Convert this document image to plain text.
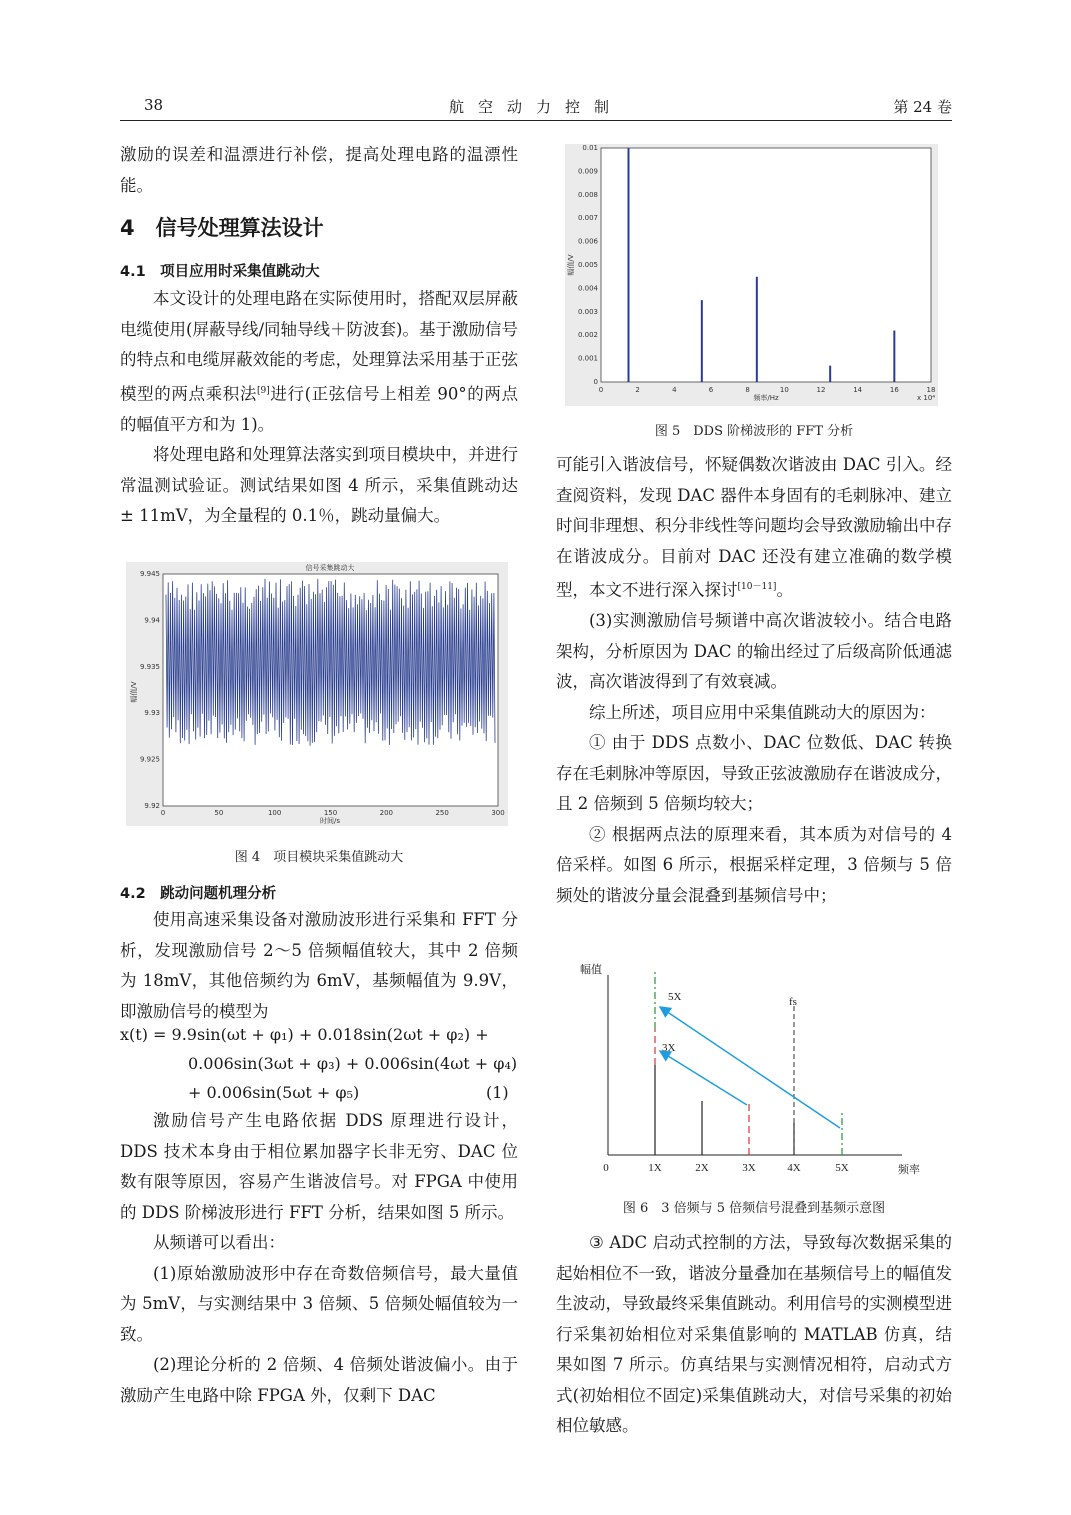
38	航空动力控制	第 24 卷

激励的误差和温漂进行补偿，提高处理电路的温漂性能。

4　信号处理算法设计
4.1　项目应用时采集值跳动大

本文设计的处理电路在实际使用时，搭配双层屏蔽电缆使用(屏蔽导线/同轴导线＋防波套)。基于激励信号的特点和电缆屏蔽效能的考虑，处理算法采用基于正弦模型的两点乘积法[9]进行(正弦信号上相差 90°的两点的幅值平方和为 1)。

将处理电路和处理算法落实到项目模块中，并进行常温测试验证。测试结果如图 4 所示，采集值跳动达 ± 11mV，为全量程的 0.1％，跳动量偏大。

信号采集跳动大
幅值/V
时间/s
9.945
9.94
9.935
9.93
9.925
9.92
0	50	100	150	200	250	300
图 4　项目模块采集值跳动大
4.2　跳动问题机理分析

使用高速采集设备对激励波形进行采集和 FFT 分析，发现激励信号 2～5 倍频幅值较大，其中 2 倍频为 18mV，其他倍频约为 6mV，基频幅值为 9.9V，即激励信号的模型为

x(t) = 9.9sin(ωt + φ₁) + 0.018sin(2ωt + φ₂) +
0.006sin(3ωt + φ₃) + 0.006sin(4ωt + φ₄)
+ 0.006sin(5ωt + φ₅)	(1)

激励信号产生电路依据 DDS 原理进行设计，DDS 技术本身由于相位累加器字长非无穷、DAC 位数有限等原因，容易产生谐波信号。对 FPGA 中使用的 DDS 阶梯波形进行 FFT 分析，结果如图 5 所示。

从频谱可以看出：

(1)原始激励波形中存在奇数倍频信号，最大量值为 5mV，与实测结果中 3 倍频、5 倍频处幅值较为一致。

(2)理论分析的 2 倍频、4 倍频处谐波偏小。由于激励产生电路中除 FPGA 外，仅剩下 DAC

幅值/V
频率/Hz	x 10⁴
0
0.001
0.002
0.003
0.004
0.005
0.006
0.007
0.008
0.009
0.01
0	2	4	6	8	10	12	14	16	18
图 5　DDS 阶梯波形的 FFT 分析

可能引入谐波信号，怀疑偶数次谐波由 DAC 引入。经查阅资料，发现 DAC 器件本身固有的毛刺脉冲、建立时间非理想、积分非线性等问题均会导致激励输出中存在谐波成分。目前对 DAC 还没有建立准确的数学模型，本文不进行深入探讨[10－11]。

(3)实测激励信号频谱中高次谐波较小。结合电路架构，分析原因为 DAC 的输出经过了后级高阶低通滤波，高次谐波得到了有效衰减。

综上所述，项目应用中采集值跳动大的原因为：

① 由于 DDS 点数小、DAC 位数低、DAC 转换存在毛刺脉冲等原因，导致正弦波激励存在谐波成分，且 2 倍频到 5 倍频均较大；

② 根据两点法的原理来看，其本质为对信号的 4 倍采样。如图 6 所示，根据采样定理，3 倍频与 5 倍频处的谐波分量会混叠到基频信号中；

幅值
频率
0	1X	2X	3X	4X	5X
fs
5X
3X
图 6　3 倍频与 5 倍频信号混叠到基频示意图

③ ADC 启动式控制的方法，导致每次数据采集的起始相位不一致，谐波分量叠加在基频信号上的幅值发生波动，导致最终采集值跳动。利用信号的实测模型进行采集初始相位对采集值影响的 MATLAB 仿真，结果如图 7 所示。仿真结果与实测情况相符，启动式方式(初始相位不固定)采集值跳动大，对信号采集的初始相位敏感。
